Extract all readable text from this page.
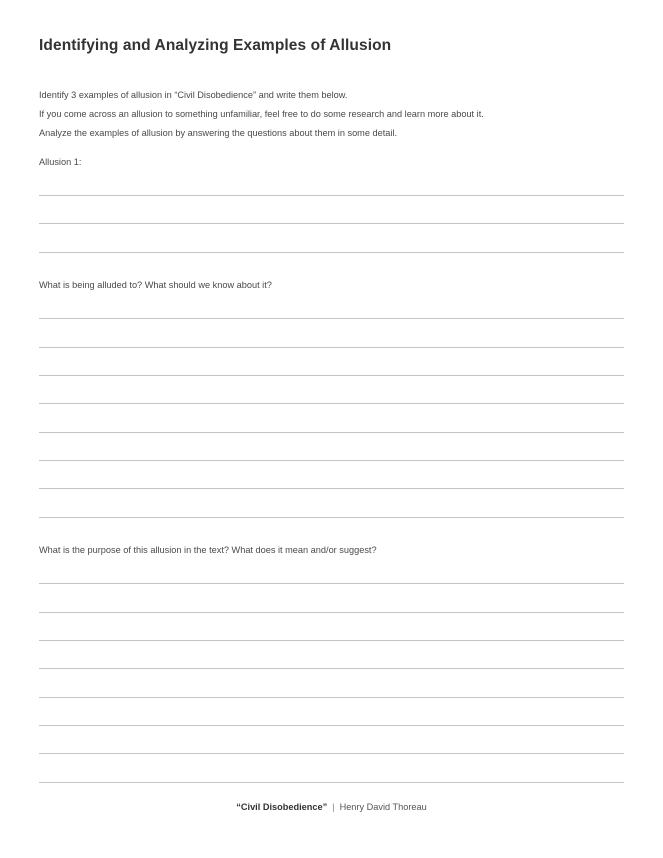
Identifying and Analyzing Examples of Allusion

Identify 3 examples of allusion in “Civil Disobedience” and write them below.

If you come across an allusion to something unfamiliar, feel free to do some research and learn more about it.

Analyze the examples of allusion by answering the questions about them in some detail.

Allusion 1:

What is being alluded to? What should we know about it?

What is the purpose of this allusion in the text? What does it mean and/or suggest?

“Civil Disobedience” | Henry David Thoreau
